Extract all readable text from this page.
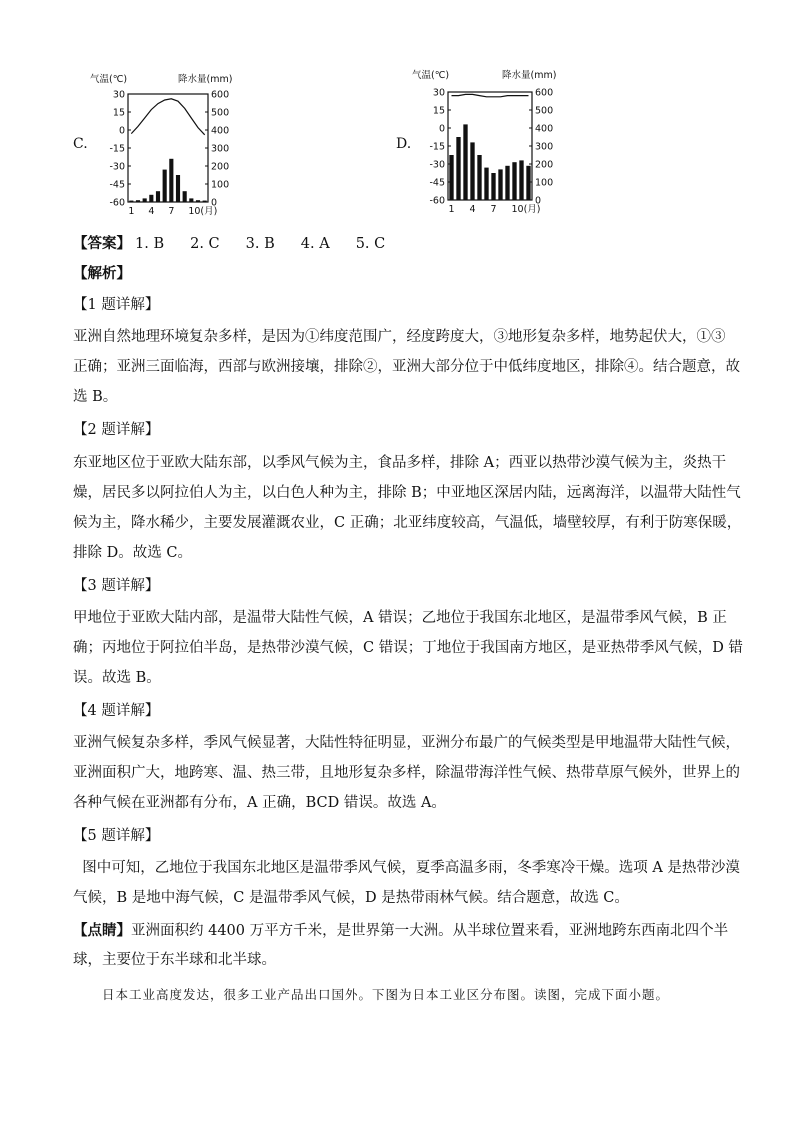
C.	D.
气温(℃)	降水量(mm)
30	600
15	500
0	400
-15	300
-30	200
-45	100
-60	0
1 4 7 10(月)
气温(℃)	降水量(mm)
30	600
15	500
0	400
-15	300
-30	200
-45	100
-60	0
1 4 7 10(月)
【答案】 1. B 2. C 3. B 4. A 5. C
【解析】
【1 题详解】
亚洲自然地理环境复杂多样，是因为①纬度范围广，经度跨度大，③地形复杂多样，地势起伏大，①③
正确；亚洲三面临海，西部与欧洲接壤，排除②，亚洲大部分位于中低纬度地区，排除④。结合题意，故
选 B。
【2 题详解】
东亚地区位于亚欧大陆东部，以季风气候为主，食品多样，排除 A；西亚以热带沙漠气候为主，炎热干
燥，居民多以阿拉伯人为主，以白色人种为主，排除 B；中亚地区深居内陆，远离海洋，以温带大陆性气
候为主，降水稀少，主要发展灌溉农业，C 正确；北亚纬度较高，气温低，墙壁较厚，有利于防寒保暖，
排除 D。故选 C。
【3 题详解】
甲地位于亚欧大陆内部，是温带大陆性气候，A 错误；乙地位于我国东北地区，是温带季风气候，B 正
确；丙地位于阿拉伯半岛，是热带沙漠气候，C 错误；丁地位于我国南方地区，是亚热带季风气候，D 错
误。故选 B。
【4 题详解】
亚洲气候复杂多样，季风气候显著，大陆性特征明显，亚洲分布最广的气候类型是甲地温带大陆性气候，
亚洲面积广大，地跨寒、温、热三带，且地形复杂多样，除温带海洋性气候、热带草原气候外，世界上的
各种气候在亚洲都有分布，A 正确，BCD 错误。故选 A。
【5 题详解】
图中可知，乙地位于我国东北地区是温带季风气候，夏季高温多雨，冬季寒冷干燥。选项 A 是热带沙漠
气候，B 是地中海气候，C 是温带季风气候，D 是热带雨林气候。结合题意，故选 C。
【点睛】亚洲面积约 4400 万平方千米，是世界第一大洲。从半球位置来看，亚洲地跨东西南北四个半
球，主要位于东半球和北半球。
日本工业高度发达，很多工业产品出口国外。下图为日本工业区分布图。读图，完成下面小题。
